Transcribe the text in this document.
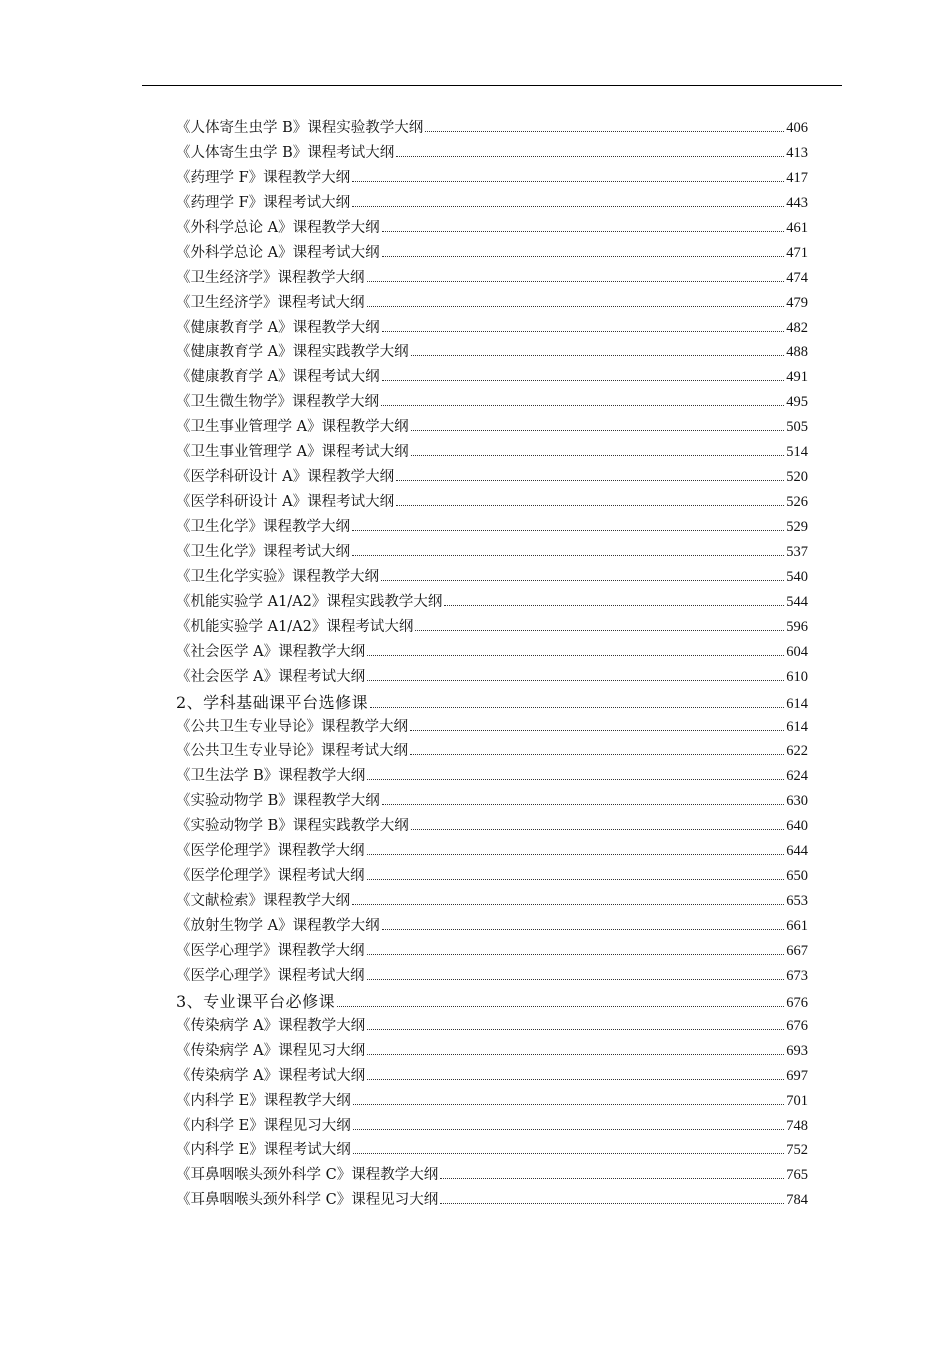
《人体寄生虫学 B》课程实验教学大纲	406
《人体寄生虫学 B》课程考试大纲	413
《药理学 F》课程教学大纲	417
《药理学 F》课程考试大纲	443
《外科学总论 A》课程教学大纲	461
《外科学总论 A》课程考试大纲	471
《卫生经济学》课程教学大纲	474
《卫生经济学》课程考试大纲	479
《健康教育学 A》课程教学大纲	482
《健康教育学 A》课程实践教学大纲	488
《健康教育学 A》课程考试大纲	491
《卫生微生物学》课程教学大纲	495
《卫生事业管理学 A》课程教学大纲	505
《卫生事业管理学 A》课程考试大纲	514
《医学科研设计 A》课程教学大纲	520
《医学科研设计 A》课程考试大纲	526
《卫生化学》课程教学大纲	529
《卫生化学》课程考试大纲	537
《卫生化学实验》课程教学大纲	540
《机能实验学 A1/A2》课程实践教学大纲	544
《机能实验学 A1/A2》课程考试大纲	596
《社会医学 A》课程教学大纲	604
《社会医学 A》课程考试大纲	610
2、学科基础课平台选修课	614
《公共卫生专业导论》课程教学大纲	614
《公共卫生专业导论》课程考试大纲	622
《卫生法学 B》课程教学大纲	624
《实验动物学 B》课程教学大纲	630
《实验动物学 B》课程实践教学大纲	640
《医学伦理学》课程教学大纲	644
《医学伦理学》课程考试大纲	650
《文献检索》课程教学大纲	653
《放射生物学 A》课程教学大纲	661
《医学心理学》课程教学大纲	667
《医学心理学》课程考试大纲	673
3、专业课平台必修课	676
《传染病学 A》课程教学大纲	676
《传染病学 A》课程见习大纲	693
《传染病学 A》课程考试大纲	697
《内科学 E》课程教学大纲	701
《内科学 E》课程见习大纲	748
《内科学 E》课程考试大纲	752
《耳鼻咽喉头颈外科学 C》课程教学大纲	765
《耳鼻咽喉头颈外科学 C》课程见习大纲	784
